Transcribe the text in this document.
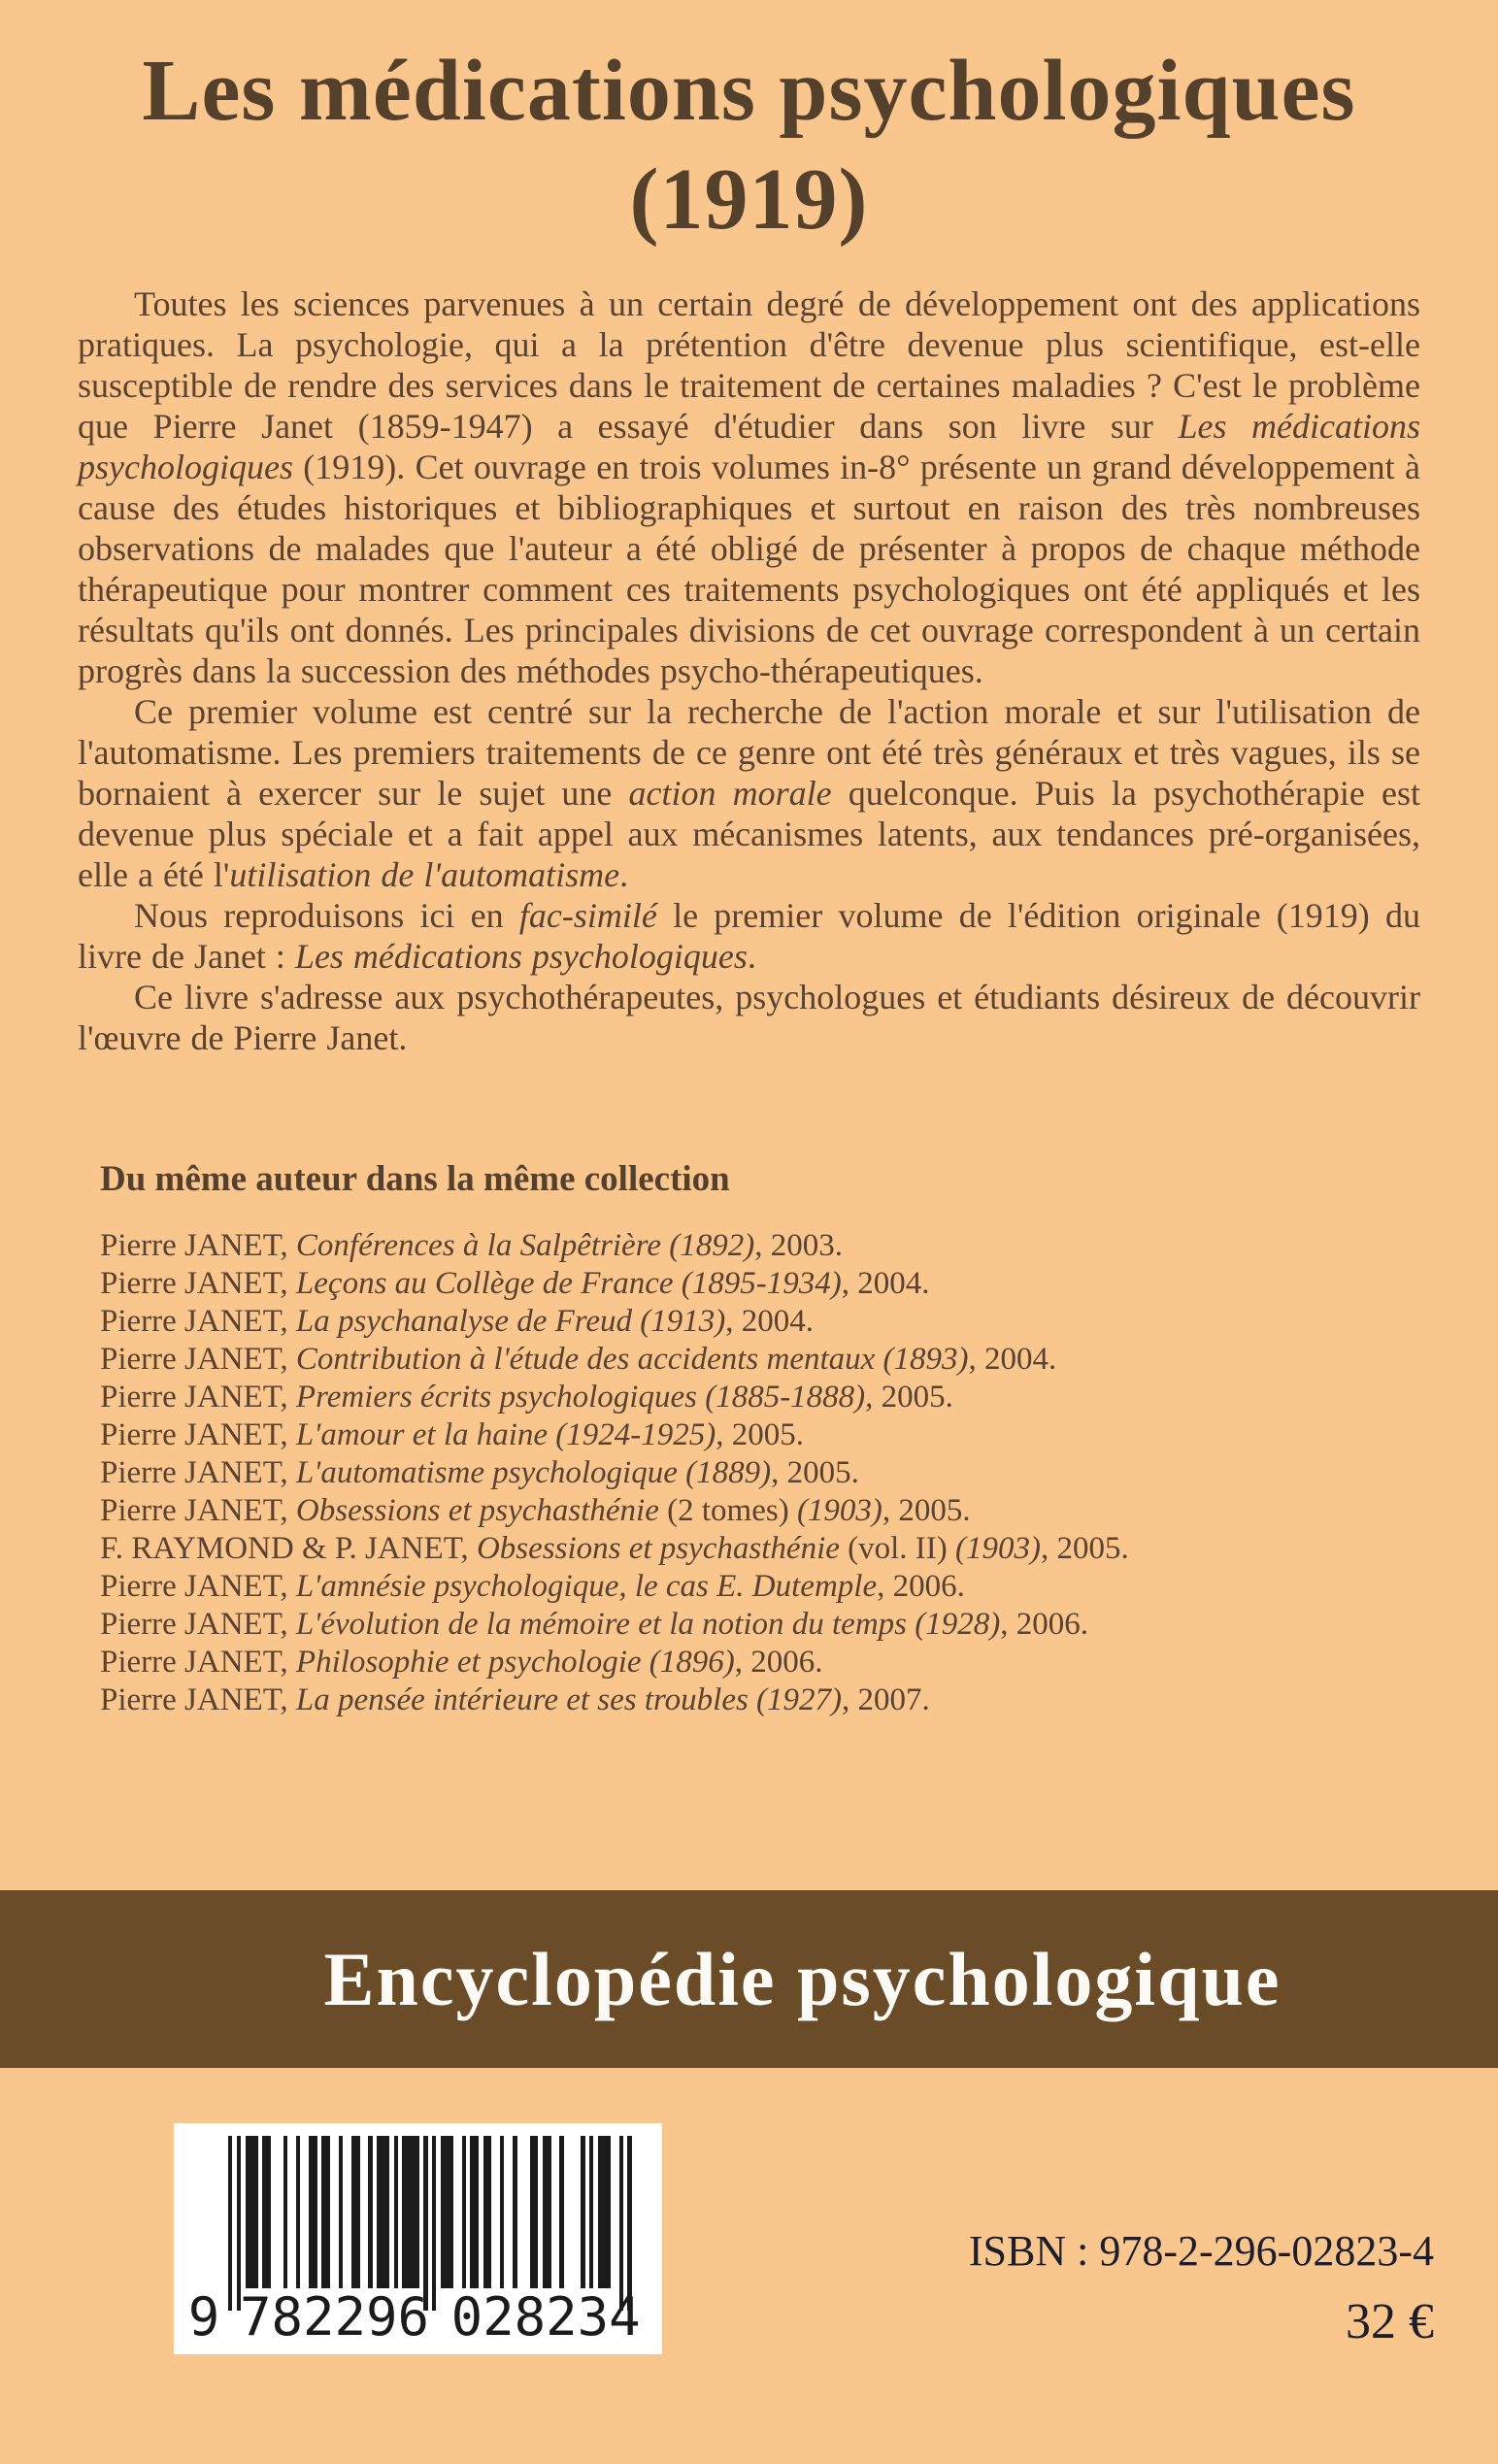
Les médications psychologiques
(1919)

Toutes les sciences parvenues à un certain degré de développement ont des applications pratiques. La psychologie, qui a la prétention d'être devenue plus scientifique, est-elle susceptible de rendre des services dans le traitement de certaines maladies ? C'est le problème que Pierre Janet (1859-1947) a essayé d'étudier dans son livre sur Les médications psychologiques (1919). Cet ouvrage en trois volumes in-8° présente un grand développement à cause des études historiques et bibliographiques et surtout en raison des très nombreuses observations de malades que l'auteur a été obligé de présenter à propos de chaque méthode thérapeutique pour montrer comment ces traitements psychologiques ont été appliqués et les résultats qu'ils ont donnés. Les principales divisions de cet ouvrage correspondent à un certain progrès dans la succession des méthodes psycho-thérapeutiques.

Ce premier volume est centré sur la recherche de l'action morale et sur l'utilisation de l'automatisme. Les premiers traitements de ce genre ont été très généraux et très vagues, ils se bornaient à exercer sur le sujet une action morale quelconque. Puis la psychothérapie est devenue plus spéciale et a fait appel aux mécanismes latents, aux tendances pré-organisées, elle a été l'utilisation de l'automatisme.

Nous reproduisons ici en fac-similé le premier volume de l'édition originale (1919) du livre de Janet : Les médications psychologiques.

Ce livre s'adresse aux psychothérapeutes, psychologues et étudiants désireux de découvrir l'œuvre de Pierre Janet.

Du même auteur dans la même collection
Pierre JANET, Conférences à la Salpêtrière (1892), 2003.
Pierre JANET, Leçons au Collège de France (1895-1934), 2004.
Pierre JANET, La psychanalyse de Freud (1913), 2004.
Pierre JANET, Contribution à l'étude des accidents mentaux (1893), 2004.
Pierre JANET, Premiers écrits psychologiques (1885-1888), 2005.
Pierre JANET, L'amour et la haine (1924-1925), 2005.
Pierre JANET, L'automatisme psychologique (1889), 2005.
Pierre JANET, Obsessions et psychasthénie (2 tomes) (1903), 2005.
F. RAYMOND & P. JANET, Obsessions et psychasthénie (vol. II) (1903), 2005.
Pierre JANET, L'amnésie psychologique, le cas E. Dutemple, 2006.
Pierre JANET, L'évolution de la mémoire et la notion du temps (1928), 2006.
Pierre JANET, Philosophie et psychologie (1896), 2006.
Pierre JANET, La pensée intérieure et ses troubles (1927), 2007.
Encyclopédie psychologique
9 782296 028234
ISBN : 978-2-296-02823-4
32 €
